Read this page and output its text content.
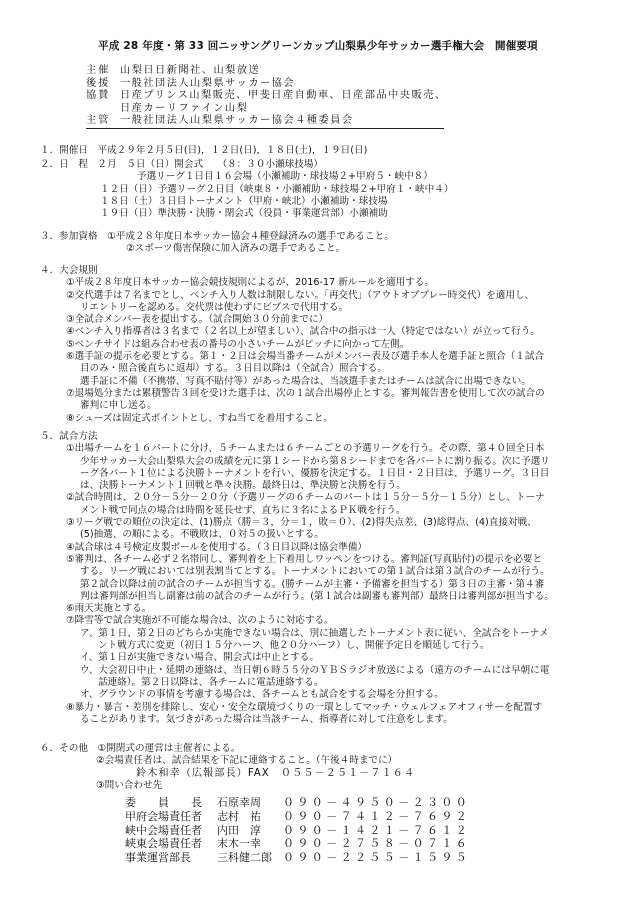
平成 28 年度・第 33 回ニッサングリーンカップ山梨県少年サッカー選手権大会　開催要項
主催 山梨日日新聞社、山梨放送
後援 一般社団法人山梨県サッカー協会
協賛 日産プリンス山梨販売、甲斐日産自動車、日産部品中央販売、
日産カーリファイン山梨
主管 一般社団法人山梨県サッカー協会４種委員会
１．開催日　平成２９年２月５日(日)，１２日(日)，１８日(土)，１９日(日)
２．日　程　２月　５日（日）開会式　　（８：３０小瀬球技場）
予選リーグ１日目１６会場（小瀬補助・球技場２+甲府５・峡中８）
１２日（日）予選リーグ２日目（峡東８・小瀬補助・球技場２+甲府１・峡中４）
１８日（土）３日目トーナメント（甲府・峡北）小瀬補助・球技場
１９日（日）準決勝・決勝・閉会式（役員・事業運営部）小瀬補助
３．参加資格　①平成２８年度日本サッカー協会４種登録済みの選手であること。
②スポーツ傷害保険に加入済みの選手であること。
４．大会規則
①平成２８年度日本サッカー協会競技規則によるが、2016-17 新ルールを適用する。
②交代選手は７名までとし、ベンチ入り人数は制限しない。「再交代」（アウトオブプレー時交代）を適用し、
リエントリーを認める。交代票は使わずにビブスで代用する。
③全試合メンバー表を提出する。（試合開始３０分前までに）
④ベンチ入り指導者は３名まで（２名以上が望ましい）、試合中の指示は一人（特定ではない）が立って行う。
⑤ベンチサイドは組み合わせ表の番号の小さいチームがピッチに向かって左側。
⑥選手証の提示を必要とする。第１・２日は会場当番チームがメンバー表及び選手本人を選手証と照合（１試合
目のみ・照合後直ちに返却）する。３日目以降は（全試合）照合する。
選手証に不備（不携帯、写真不貼付等）があった場合は、当該選手またはチームは試合に出場できない。
⑦退場処分または累積警告３回を受けた選手は、次の１試合出場停止とする。審判報告書を使用して次の試合の
審判に申し送る。
⑧シューズは固定式ポイントとし、すね当てを着用すること。
５．試合方法
①出場チームを１６パートに分け、５チームまたは６チームごとの予選リーグを行う。その際、第４０回全日本
少年サッカー大会山梨県大会の成績を元に第１シードから第８シードまでを各パートに割り振る。次に予選リ
ーグ各パート１位による決勝トーナメントを行い、優勝を決定する。１日目・２日目は、予選リーグ。３日目
は、決勝トーナメント１回戦と準々決勝。最終日は、準決勝と決勝を行う。
②試合時間は、２０分－５分－２０分（予選リーグの６チームのパートは１５分－５分－１５分）とし、トーナ
メント戦で同点の場合は時間を延長せず、直ちに３名によるＰＫ戦を行う。
③リーグ戦での順位の決定は、(1)勝点（勝＝３，分＝１，敗＝０）、(2)得失点差、(3)総得点、(4)直接対戦、
(5)抽選、の順による。不戦敗は、０対５の扱いとする。
④試合球は４号検定皮製ボールを使用する。（３日目以降は協会準備）
⑤審判は、各チーム必ず２名帯同し、審判着を上下着用しワッペンをつける。審判証(写真貼付)の提示を必要と
する。リーグ戦においては別表割当てとする。トーナメントにおいての第１試合は第３試合のチームが行う。
第２試合以降は前の試合のチームが担当する。(勝チームが主審・予備審を担当する）第３日の主審・第４審
判は審判部が担当し副審は前の試合のチームが行う。(第１試合は副審も審判部）最終日は審判部が担当する。
⑥雨天実施とする。
⑦降雪等で試合実施が不可能な場合は、次のように対応する。
ア、第１日、第２日のどちらか実施できない場合は、別に抽選したトーナメント表に従い、全試合をトーナメ
ント戦方式に変更（初日１５分ハーフ、他２０分ハーフ）し、開催予定日を順延して行う。
イ、第１日が実施できない場合、開会式は中止とする。
ウ、大会初日中止・延期の連絡は、当日朝６時５５分のＹＢＳラジオ放送による（遠方のチームには早朝に電
話連絡）。第２日以降は、各チームに電話連絡する。
オ、グラウンドの事情を考慮する場合は、各チームとも試合をする会場を分担する。
⑧暴力・暴言・差別を排除し、安心・安全な環境づくりの一環としてマッチ・ウェルフェアオフィサーを配置す
ることがあります。気づきがあった場合は当該チーム、指導者に対して注意をします。
６．その他　①開閉式の運営は主催者による。
②会場責任者は、試合結果を下記に連絡すること。（午後４時までに）
鈴木和幸（広報部長）FAX　０５５－２５１－７１６４
③問い合わせ先
委　　員　　長	石原幸周	０９０－４９５０－２３００
甲府会場責任者	志村　祐	０９０－７４１２－７６９２
峡中会場責任者	内田　淳	０９０－１４２１－７６１２
峡東会場責任者	末木一幸	０９０－２７５８－０７１６
事業運営部長	三科健二郎	０９０－２２５５－１５９５
